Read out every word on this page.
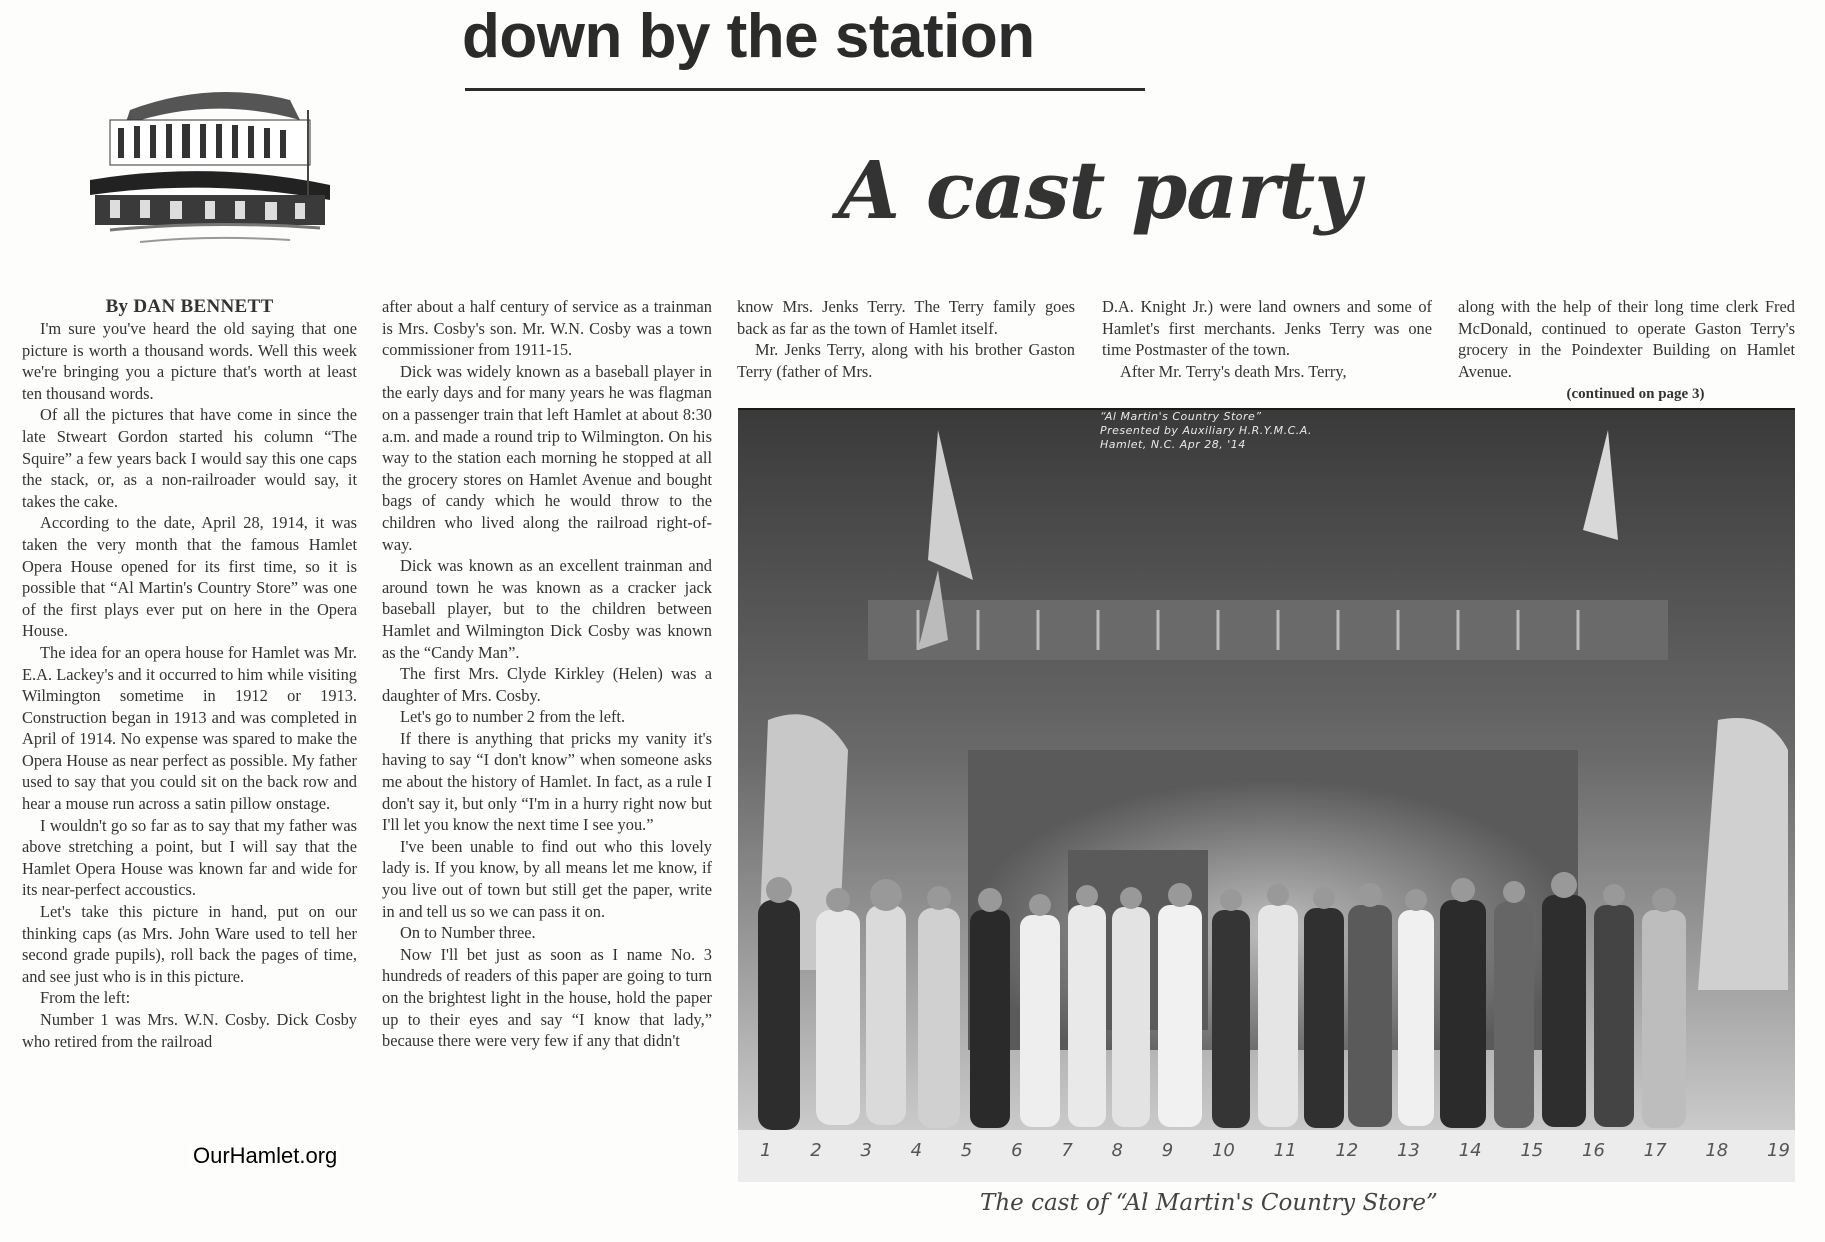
down by the station
A cast party

By DAN BENNETT

I'm sure you've heard the old saying that one picture is worth a thousand words. Well this week we're bringing you a picture that's worth at least ten thousand words.

Of all the pictures that have come in since the late Stweart Gordon started his column “The Squire” a few years back I would say this one caps the stack, or, as a non-railroader would say, it takes the cake.

According to the date, April 28, 1914, it was taken the very month that the famous Hamlet Opera House opened for its first time, so it is possible that “Al Martin's Country Store” was one of the first plays ever put on here in the Opera House.

The idea for an opera house for Hamlet was Mr. E.A. Lackey's and it occurred to him while visiting Wilmington sometime in 1912 or 1913. Construction began in 1913 and was completed in April of 1914. No expense was spared to make the Opera House as near perfect as possible. My father used to say that you could sit on the back row and hear a mouse run across a satin pillow onstage.

I wouldn't go so far as to say that my father was above stretching a point, but I will say that the Hamlet Opera House was known far and wide for its near-perfect accoustics.

Let's take this picture in hand, put on our thinking caps (as Mrs. John Ware used to tell her second grade pupils), roll back the pages of time, and see just who is in this picture.

From the left:

Number 1 was Mrs. W.N. Cosby. Dick Cosby who retired from the railroad

OurHamlet.org

after about a half century of service as a trainman is Mrs. Cosby's son. Mr. W.N. Cosby was a town commissioner from 1911-15.

Dick was widely known as a baseball player in the early days and for many years he was flagman on a passenger train that left Hamlet at about 8:30 a.m. and made a round trip to Wilmington. On his way to the station each morning he stopped at all the grocery stores on Hamlet Avenue and bought bags of candy which he would throw to the children who lived along the railroad right-of-way.

Dick was known as an excellent trainman and around town he was known as a cracker jack baseball player, but to the children between Hamlet and Wilmington Dick Cosby was known as the “Candy Man”.

The first Mrs. Clyde Kirkley (Helen) was a daughter of Mrs. Cosby.

Let's go to number 2 from the left.

If there is anything that pricks my vanity it's having to say “I don't know” when someone asks me about the history of Hamlet. In fact, as a rule I don't say it, but only “I'm in a hurry right now but I'll let you know the next time I see you.”

I've been unable to find out who this lovely lady is. If you know, by all means let me know, if you live out of town but still get the paper, write in and tell us so we can pass it on.

On to Number three.

Now I'll bet just as soon as I name No. 3 hundreds of readers of this paper are going to turn on the brightest light in the house, hold the paper up to their eyes and say “I know that lady,” because there were very few if any that didn't

know Mrs. Jenks Terry. The Terry family goes back as far as the town of Hamlet itself.

Mr. Jenks Terry, along with his brother Gaston Terry (father of Mrs.

D.A. Knight Jr.) were land owners and some of Hamlet's first merchants. Jenks Terry was one time Postmaster of the town.

After Mr. Terry's death Mrs. Terry,

along with the help of their long time clerk Fred McDonald, continued to operate Gaston Terry's grocery in the Poindexter Building on Hamlet Avenue.

(continued on page 3)

“Al Martin's Country Store”
Presented by Auxiliary H.R.Y.M.C.A.
Hamlet, N.C. Apr 28, '14
1 2 3 4 5 6 7 8 9 10 11 12 13 14 15 16 17 18 19
The cast of “Al Martin's Country Store”
